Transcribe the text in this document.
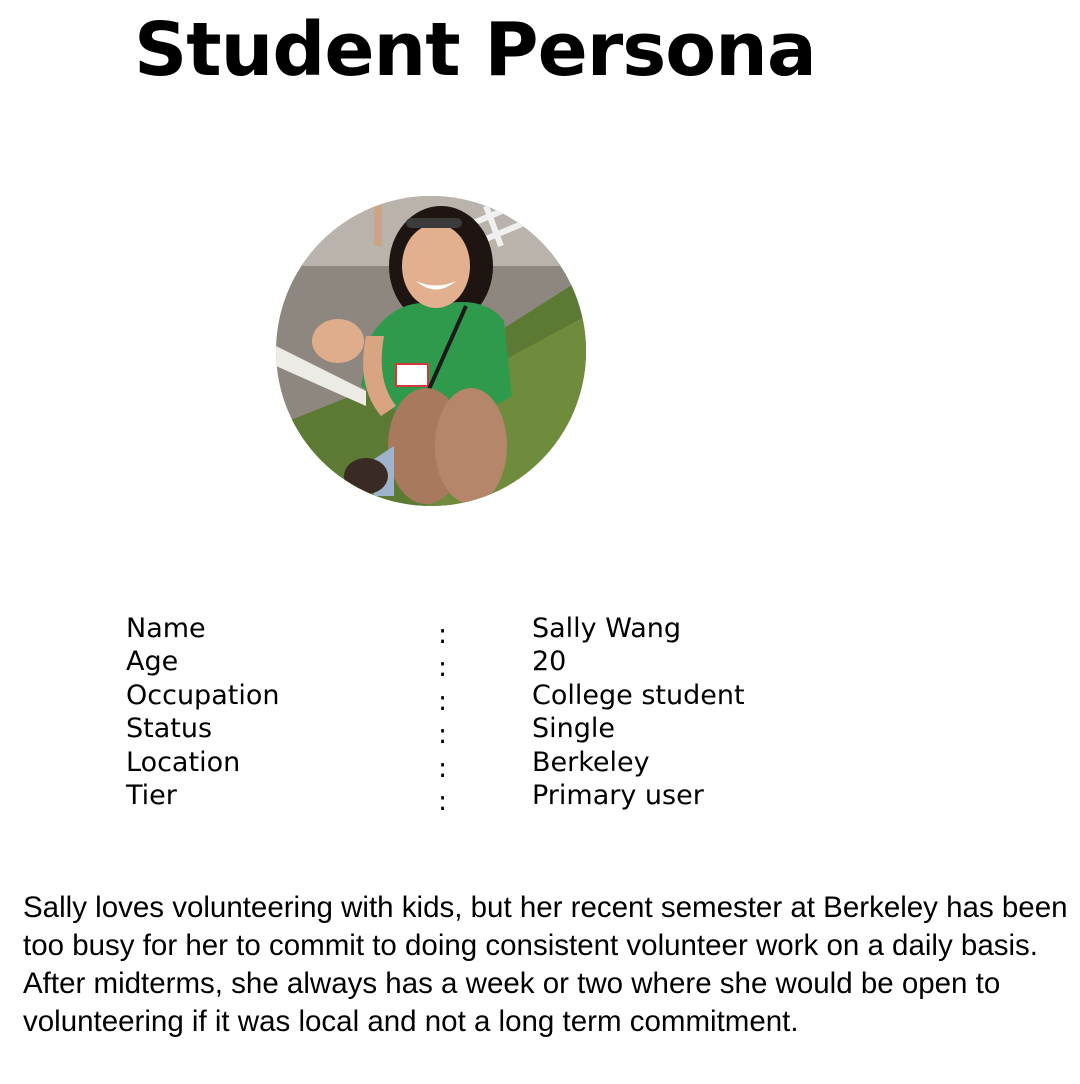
Student Persona
Name	:	Sally Wang
Age	:	20
Occupation	:	College student
Status	:	Single
Location	:	Berkeley
Tier	:	Primary user

Sally loves volunteering with kids, but her recent semester at Berkeley has been too busy for her to commit to doing consistent volunteer work on a daily basis. After midterms, she always has a week or two where she would be open to volunteering if it was local and not a long term commitment.
